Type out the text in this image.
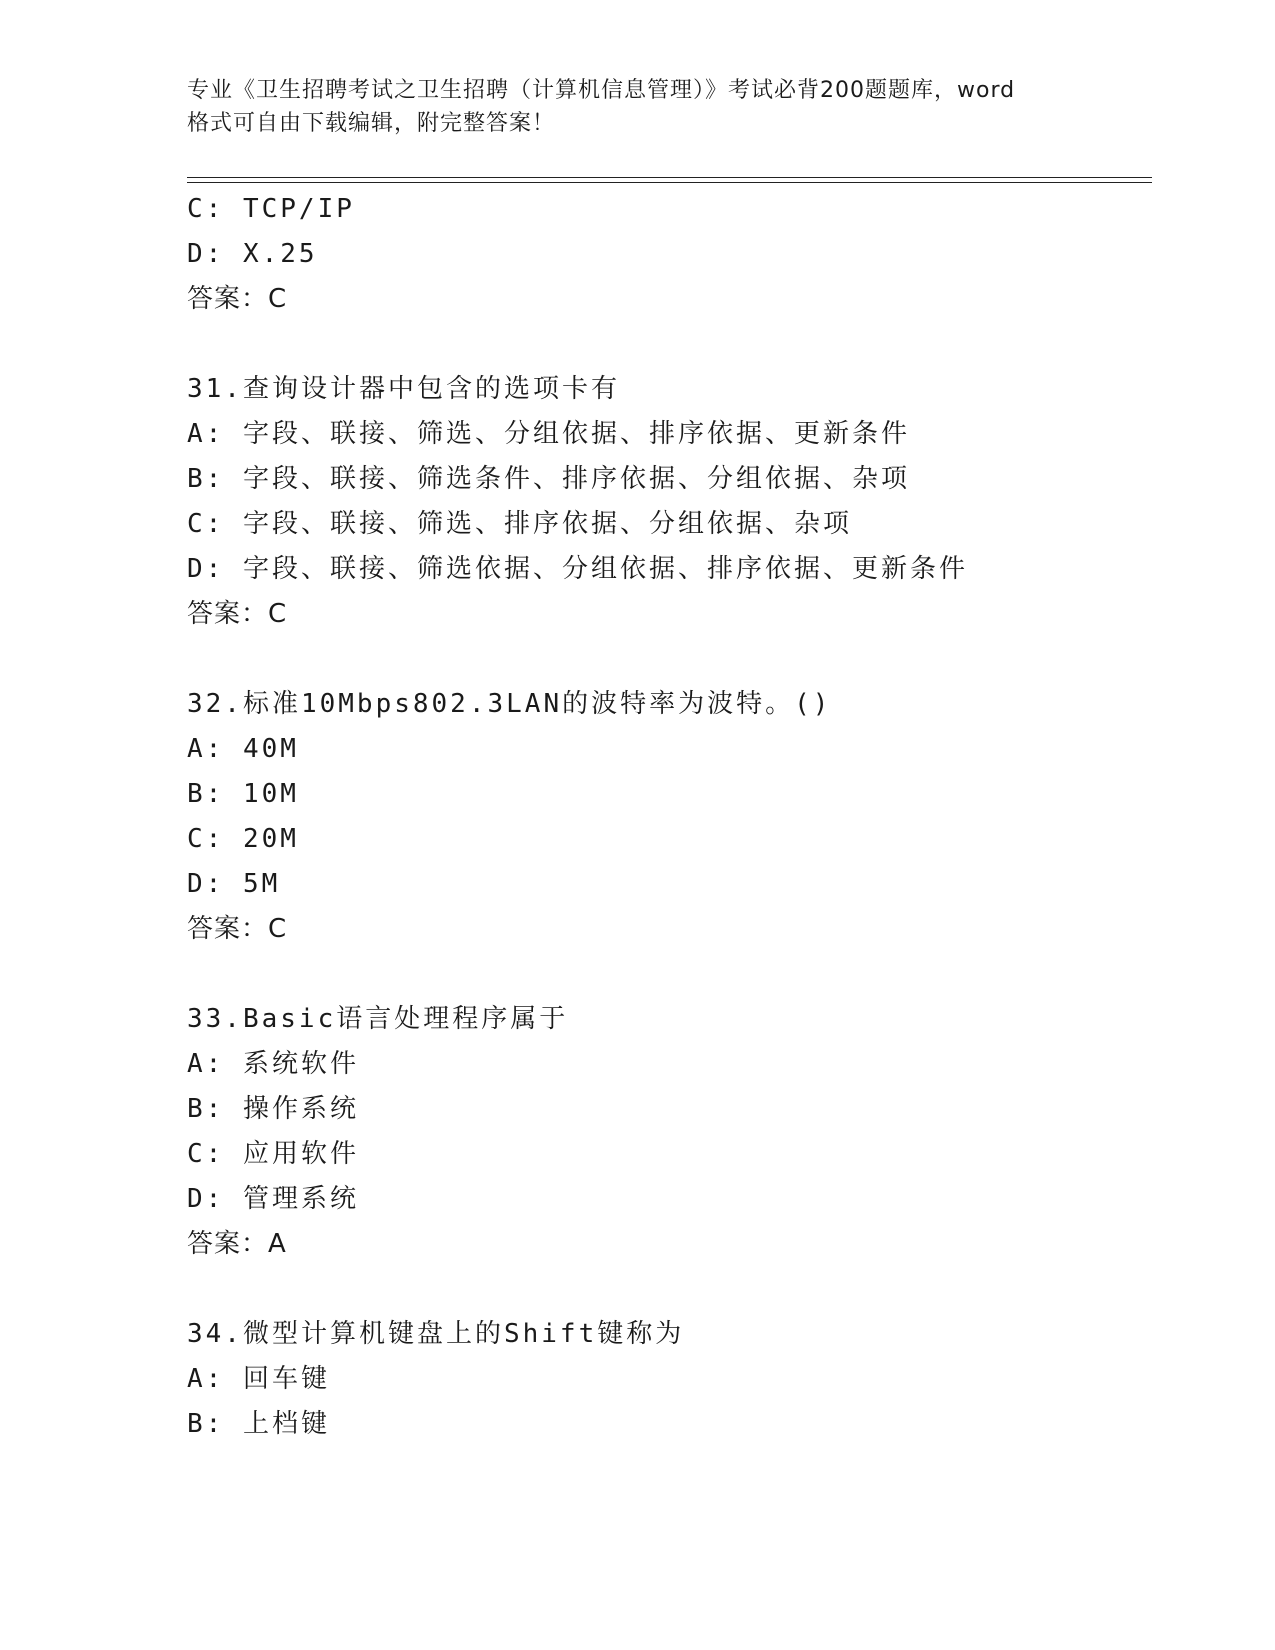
专业《卫生招聘考试之卫生招聘（计算机信息管理）》考试必背200题题库，word
格式可自由下载编辑，附完整答案！
C: TCP/IP
D: X.25
答案：C
31.查询设计器中包含的选项卡有
A: 字段、联接、筛选、分组依据、排序依据、更新条件
B: 字段、联接、筛选条件、排序依据、分组依据、杂项
C: 字段、联接、筛选、排序依据、分组依据、杂项
D: 字段、联接、筛选依据、分组依据、排序依据、更新条件
答案：C
32.标准10Mbps802.3LAN的波特率为波特。()
A: 40M
B: 10M
C: 20M
D: 5M
答案：C
33.Basic语言处理程序属于
A: 系统软件
B: 操作系统
C: 应用软件
D: 管理系统
答案：A
34.微型计算机键盘上的Shift键称为
A: 回车键
B: 上档键
